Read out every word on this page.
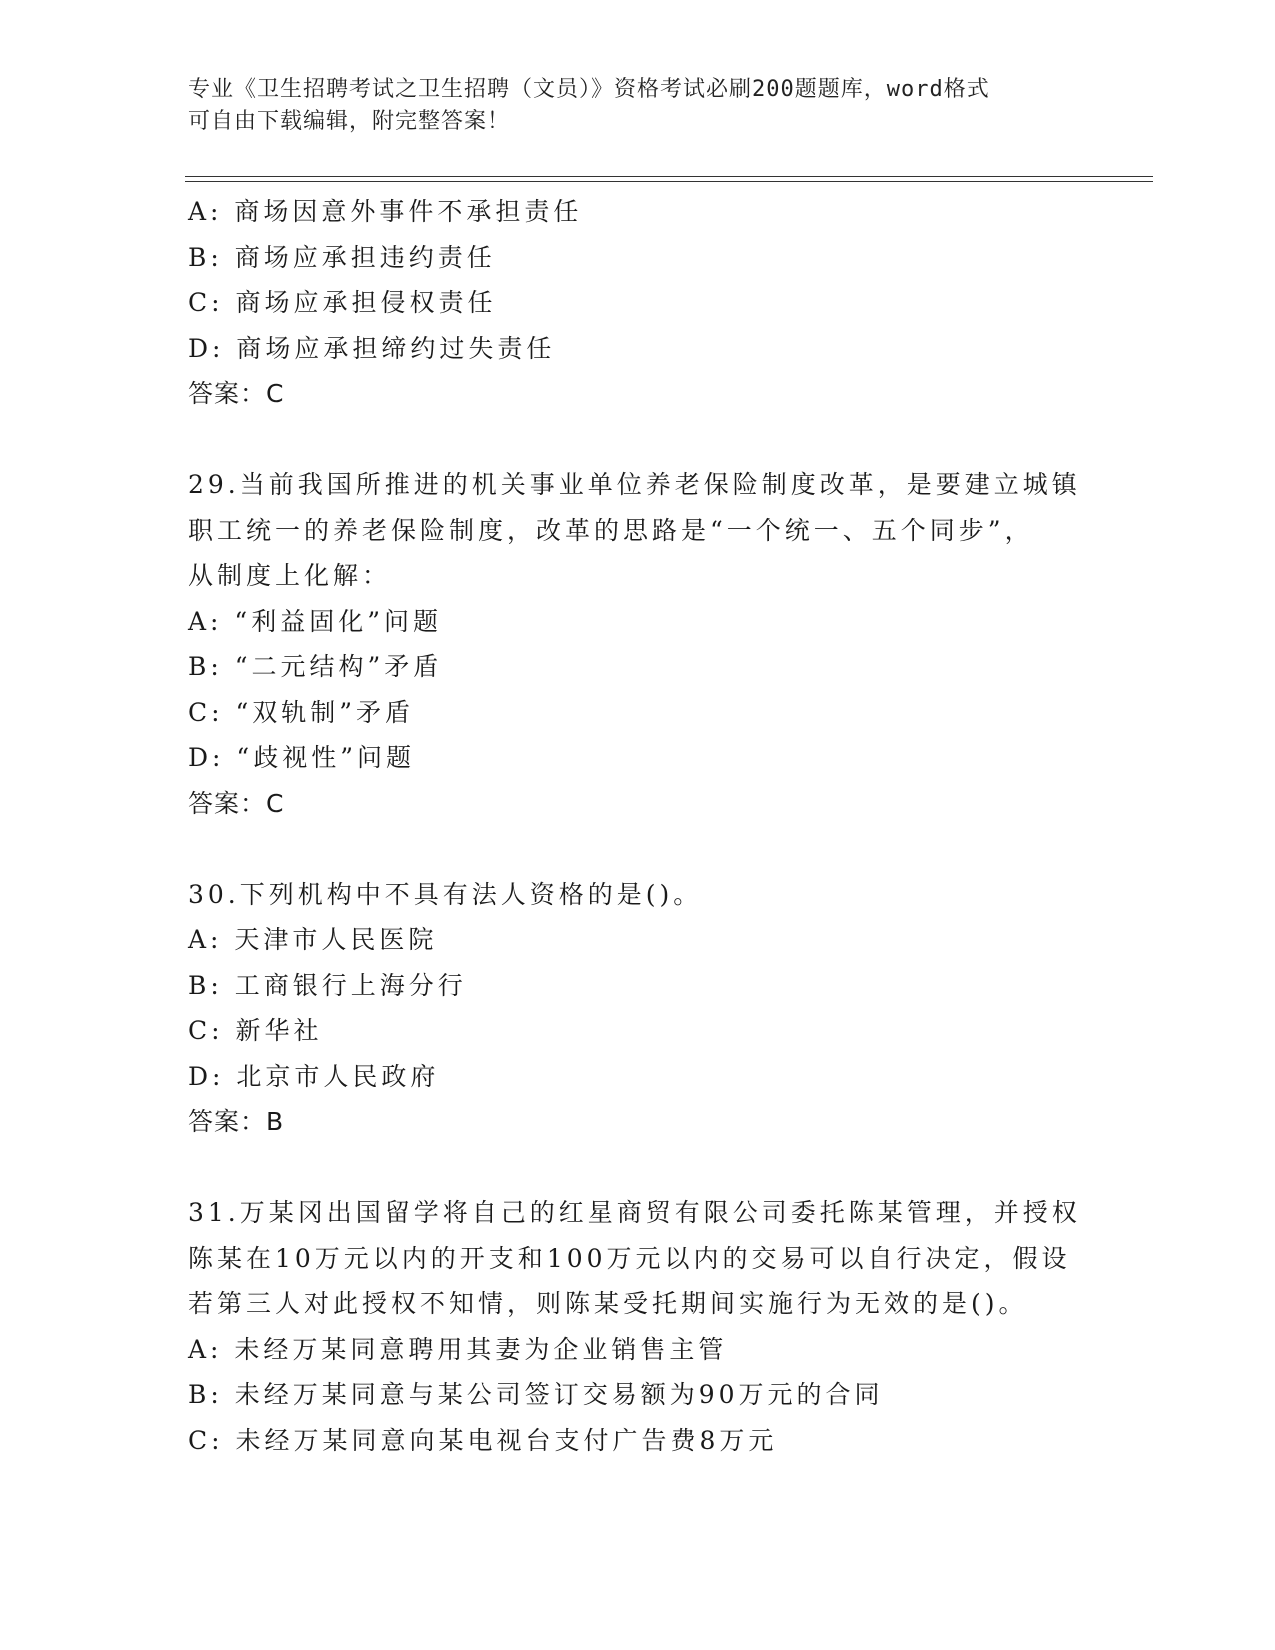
专业《卫生招聘考试之卫生招聘（文员）》资格考试必刷200题题库，word格式
可自由下载编辑，附完整答案！
A: 商场因意外事件不承担责任
B: 商场应承担违约责任
C: 商场应承担侵权责任
D: 商场应承担缔约过失责任
答案：C
29.当前我国所推进的机关事业单位养老保险制度改革，是要建立城镇
职工统一的养老保险制度，改革的思路是“一个统一、五个同步”，
从制度上化解：
A: “利益固化”问题
B: “二元结构”矛盾
C: “双轨制”矛盾
D: “歧视性”问题
答案：C
30.下列机构中不具有法人资格的是()。
A: 天津市人民医院
B: 工商银行上海分行
C: 新华社
D: 北京市人民政府
答案：B
31.万某冈出国留学将自己的红星商贸有限公司委托陈某管理，并授权
陈某在10万元以内的开支和100万元以内的交易可以自行决定，假设
若第三人对此授权不知情，则陈某受托期间实施行为无效的是()。
A: 未经万某同意聘用其妻为企业销售主管
B: 未经万某同意与某公司签订交易额为90万元的合同
C: 未经万某同意向某电视台支付广告费8万元
